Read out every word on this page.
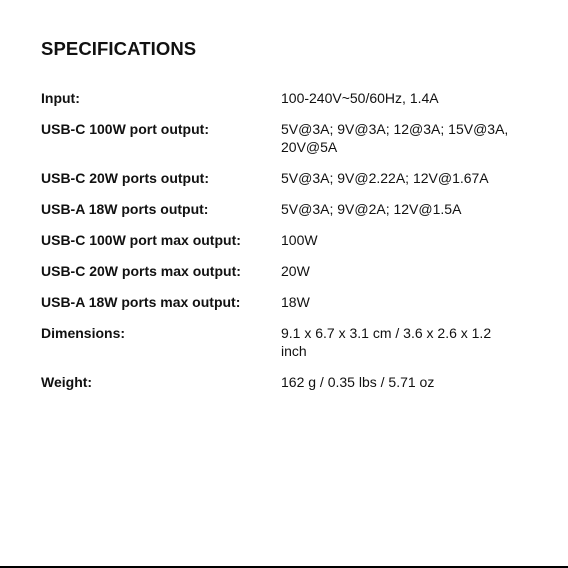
SPECIFICATIONS
Input:	100-240V~50/60Hz, 1.4A
USB-C 100W port output:	5V@3A; 9V@3A; 12@3A; 15V@3A, 20V@5A
USB-C 20W ports output:	5V@3A; 9V@2.22A; 12V@1.67A
USB-A 18W ports output:	5V@3A; 9V@2A; 12V@1.5A
USB-C 100W port max output:	100W
USB-C 20W ports max output:	20W
USB-A 18W ports max output:	18W
Dimensions:	9.1 x 6.7 x 3.1 cm / 3.6 x 2.6 x 1.2 inch
Weight:	162 g / 0.35 lbs / 5.71 oz
